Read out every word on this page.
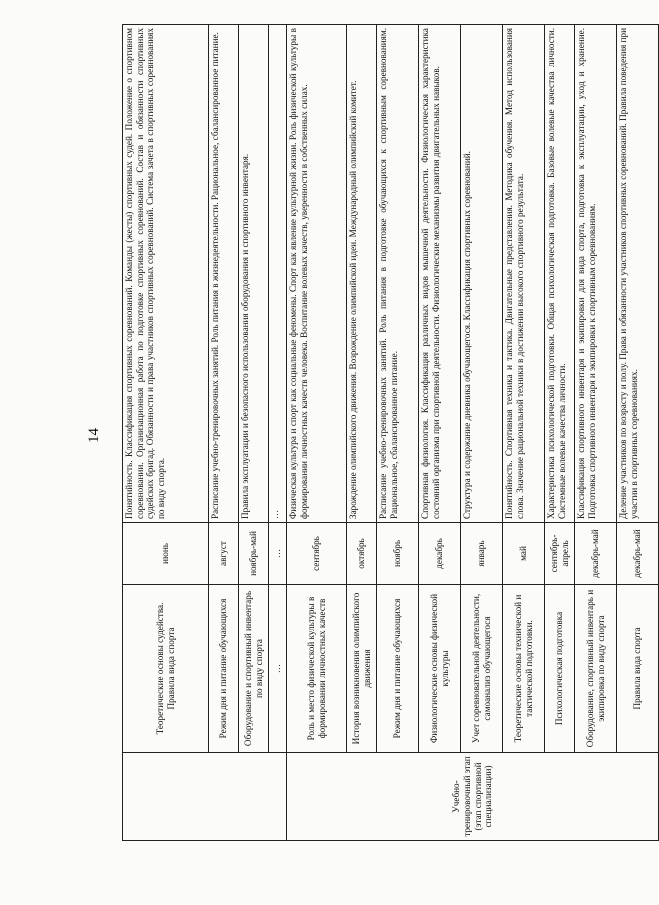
14
	Теоретические основы судейства. Правила вида спорта	июнь	Понятийность. Классификация спортивных соревнований. Команды (жесты) спортивных судей. Положение о спортивном соревновании. Организационная работа по подготовке спортивных соревнований. Состав и обязанности спортивных судейских бригад. Обязанности и права участников спортивных соревнований. Система зачета в спортивных соревнованиях по виду спорта.
	Режим дня и питание обучающихся	август	Расписание учебно-тренировочных занятий. Роль питания в жизнедеятельности. Рациональное, сбалансированное питание.
	Оборудование и спортивный инвентарь по виду спорта	ноябрь-май	Правила эксплуатации и безопасного использования оборудования и спортивного инвентаря.
	…	…	…
Учебно-тренировочный этап (этап спортивной специализации)	Роль и место физической культуры в формировании личностных качеств	сентябрь	Физическая культура и спорт как социальные феномены. Спорт как явление культурной жизни. Роль физической культуры в формировании личностных качеств человека. Воспитание волевых качеств, уверенности в собственных силах.
	История возникновения олимпийского движения	октябрь	Зарождение олимпийского движения. Возрождение олимпийской идеи. Международный олимпийский комитет.
	Режим дня и питание обучающихся	ноябрь	Расписание учебно-тренировочных занятий. Роль питания в подготовке обучающихся к спортивным соревнованиям. Рациональное, сбалансированное питание.
	Физиологические основы физической культуры	декабрь	Спортивная физиология. Классификация различных видов мышечной деятельности. Физиологическая характеристика состояний организма при спортивной деятельности. Физиологические механизмы развития двигательных навыков.
	Учет соревновательной деятельности, самоанализ обучающегося	январь	Структура и содержание дневника обучающегося. Классификация спортивных соревнований.
	Теоретические основы технической и тактической подготовки.	май	Понятийность. Спортивная техника и тактика. Двигательные представления. Методика обучения. Метод использования слова. Значение рациональной техники в достижении высокого спортивного результата.
	Психологическая подготовка	сентябрь-апрель	Характеристика психологической подготовки. Общая психологическая подготовка. Базовые волевые качества личности. Системные волевые качества личности.
	Оборудование, спортивный инвентарь и экипировка по виду спорта	декабрь-май	Классификация спортивного инвентаря и экипировки для вида спорта, подготовка к эксплуатации, уход и хранение. Подготовка спортивного инвентаря и экипировки к спортивным соревнованиям.
	Правила вида спорта	декабрь-май	Деление участников по возрасту и полу. Права и обязанности участников спортивных соревнований. Правила поведения при участии в спортивных соревнованиях.
